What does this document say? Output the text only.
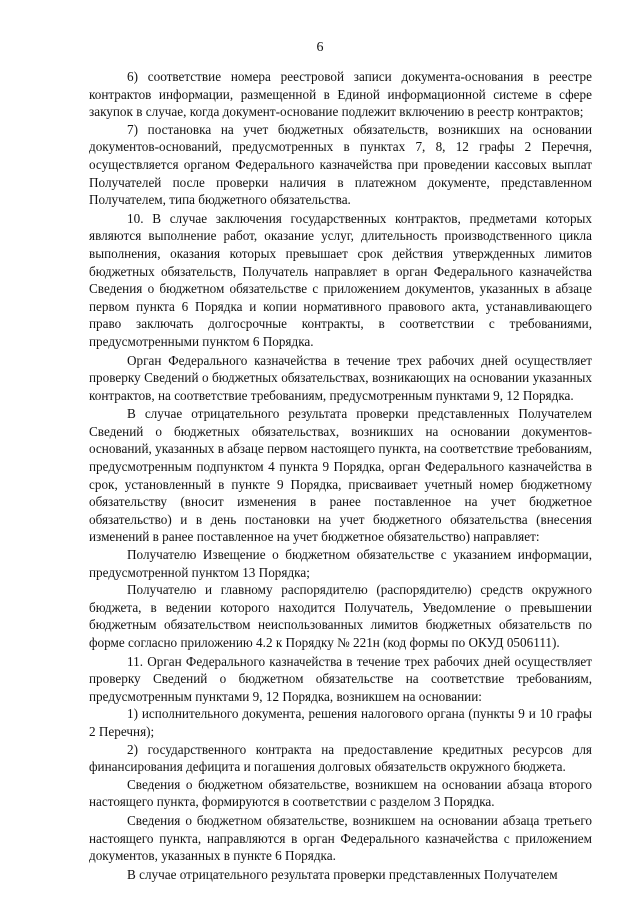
6

6) соответствие номера реестровой записи документа-основания в реестре контрактов информации, размещенной в Единой информационной системе в сфере закупок в случае, когда документ-основание подлежит включению в реестр контрактов;

7) постановка на учет бюджетных обязательств, возникших на основании документов-оснований, предусмотренных в пунктах 7, 8, 12 графы 2 Перечня, осуществляется органом Федерального казначейства при проведении кассовых выплат Получателей после проверки наличия в платежном документе, представленном Получателем, типа бюджетного обязательства.

10. В случае заключения государственных контрактов, предметами которых являются выполнение работ, оказание услуг, длительность производственного цикла выполнения, оказания которых превышает срок действия утвержденных лимитов бюджетных обязательств, Получатель направляет в орган Федерального казначейства Сведения о бюджетном обязательстве с приложением документов, указанных в абзаце первом пункта 6 Порядка и копии нормативного правового акта, устанавливающего право заключать долгосрочные контракты, в соответствии с требованиями, предусмотренными пунктом 6 Порядка.

Орган Федерального казначейства в течение трех рабочих дней осуществляет проверку Сведений о бюджетных обязательствах, возникающих на основании указанных контрактов, на соответствие требованиям, предусмотренным пунктами 9, 12 Порядка.

В случае отрицательного результата проверки представленных Получателем Сведений о бюджетных обязательствах, возникших на основании документов-оснований, указанных в абзаце первом настоящего пункта, на соответствие требованиям, предусмотренным подпунктом 4 пункта 9 Порядка, орган Федерального казначейства в срок, установленный в пункте 9 Порядка, присваивает учетный номер бюджетному обязательству (вносит изменения в ранее поставленное на учет бюджетное обязательство) и в день постановки на учет бюджетного обязательства (внесения изменений в ранее поставленное на учет бюджетное обязательство) направляет:

Получателю Извещение о бюджетном обязательстве с указанием информации, предусмотренной пунктом 13 Порядка;

Получателю и главному распорядителю (распорядителю) средств окружного бюджета, в ведении которого находится Получатель, Уведомление о превышении бюджетным обязательством неиспользованных лимитов бюджетных обязательств по форме согласно приложению 4.2 к Порядку № 221н (код формы по ОКУД 0506111).

11. Орган Федерального казначейства в течение трех рабочих дней осуществляет проверку Сведений о бюджетном обязательстве на соответствие требованиям, предусмотренным пунктами 9, 12 Порядка, возникшем на основании:

1) исполнительного документа, решения налогового органа (пункты 9 и 10 графы 2 Перечня);

2) государственного контракта на предоставление кредитных ресурсов для финансирования дефицита и погашения долговых обязательств окружного бюджета.

Сведения о бюджетном обязательстве, возникшем на основании абзаца второго настоящего пункта, формируются в соответствии с разделом 3 Порядка.

Сведения о бюджетном обязательстве, возникшем на основании абзаца третьего настоящего пункта, направляются в орган Федерального казначейства с приложением документов, указанных в пункте 6 Порядка.

В случае отрицательного результата проверки представленных Получателем
